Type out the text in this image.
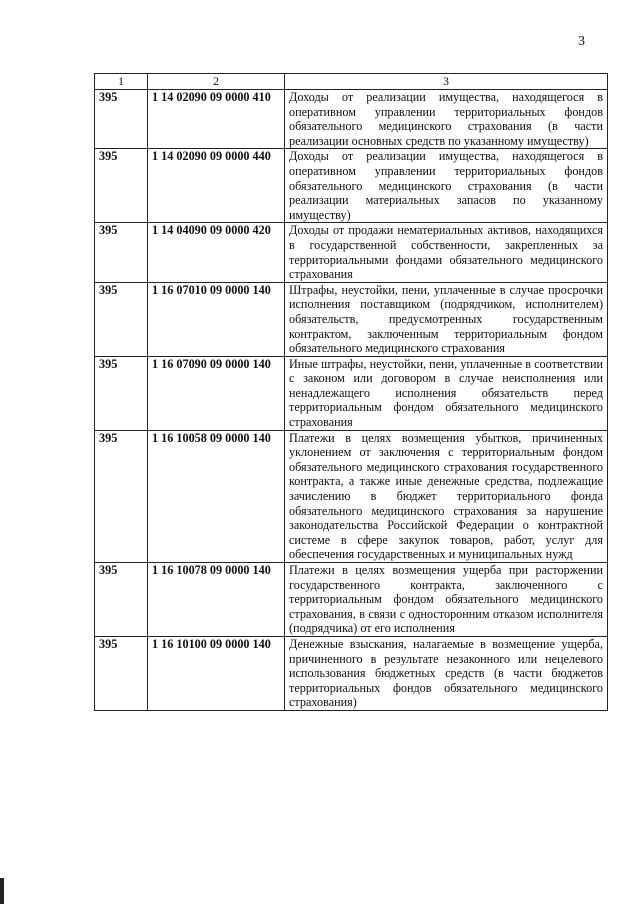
3
1	2	3
395	1 14 02090 09 0000 410	Доходы от реализации имущества, находящегося в оперативном управлении территориальных фондов обязательного медицинского страхования (в части реализации основных средств по указанному имуществу)
395	1 14 02090 09 0000 440	Доходы от реализации имущества, находящегося в оперативном управлении территориальных фондов обязательного медицинского страхования (в части реализации материальных запасов по указанному имуществу)
395	1 14 04090 09 0000 420	Доходы от продажи нематериальных активов, находящихся в государственной собственности, закрепленных за территориальными фондами обязательного медицинского страхования
395	1 16 07010 09 0000 140	Штрафы, неустойки, пени, уплаченные в случае просрочки исполнения поставщиком (подрядчиком, исполнителем) обязательств, предусмотренных государственным контрактом, заключенным территориальным фондом обязательного медицинского страхования
395	1 16 07090 09 0000 140	Иные штрафы, неустойки, пени, уплаченные в соответствии с законом или договором в случае неисполнения или ненадлежащего исполнения обязательств перед территориальным фондом обязательного медицинского страхования
395	1 16 10058 09 0000 140	Платежи в целях возмещения убытков, причиненных уклонением от заключения с территориальным фондом обязательного медицинского страхования государственного контракта, а также иные денежные средства, подлежащие зачислению в бюджет территориального фонда обязательного медицинского страхования за нарушение законодательства Российской Федерации о контрактной системе в сфере закупок товаров, работ, услуг для обеспечения государственных и муниципальных нужд
395	1 16 10078 09 0000 140	Платежи в целях возмещения ущерба при расторжении государственного контракта, заключенного с территориальным фондом обязательного медицинского страхования, в связи с односторонним отказом исполнителя (подрядчика) от его исполнения
395	1 16 10100 09 0000 140	Денежные взыскания, налагаемые в возмещение ущерба, причиненного в результате незаконного или нецелевого использования бюджетных средств (в части бюджетов территориальных фондов обязательного медицинского страхования)
